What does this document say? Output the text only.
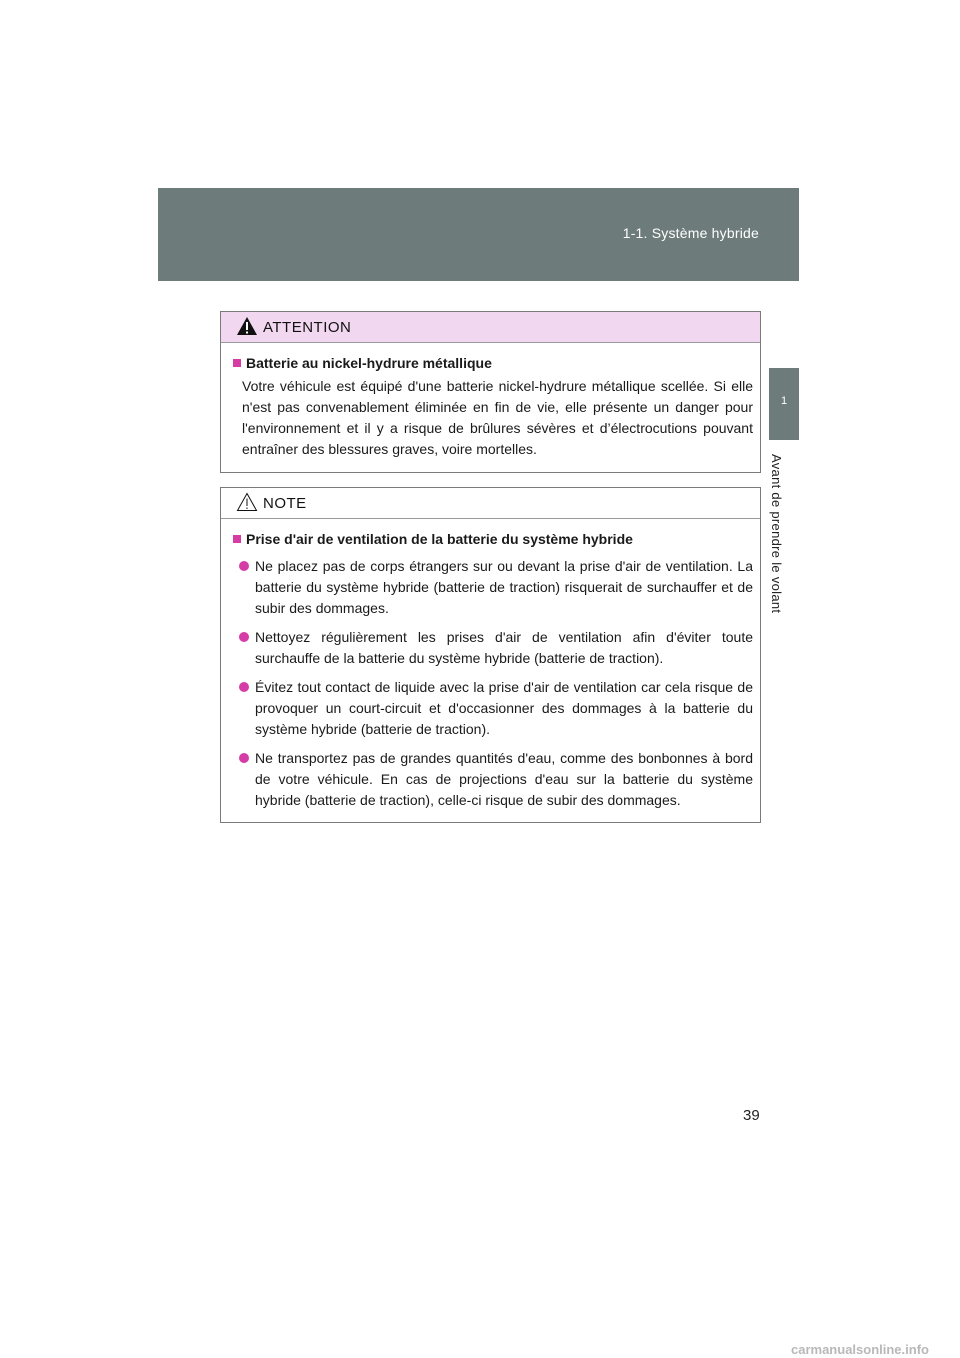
1-1. Système hybride
1
Avant de prendre le volant
ATTENTION
Batterie au nickel-hydrure métallique
Votre véhicule est équipé d'une batterie nickel-hydrure métallique scellée. Si elle n'est pas convenablement éliminée en fin de vie, elle présente un danger pour l'environnement et il y a risque de brûlures sévères et d’électrocutions pouvant entraîner des blessures graves, voire mortelles.
NOTE
Prise d'air de ventilation de la batterie du système hybride
Ne placez pas de corps étrangers sur ou devant la prise d'air de ventilation. La batterie du système hybride (batterie de traction) risquerait de surchauffer et de subir des dommages.
Nettoyez régulièrement les prises d'air de ventilation afin d'éviter toute surchauffe de la batterie du système hybride (batterie de traction).
Évitez tout contact de liquide avec la prise d'air de ventilation car cela risque de provoquer un court-circuit et d'occasionner des dommages à la batterie du système hybride (batterie de traction).
Ne transportez pas de grandes quantités d'eau, comme des bonbonnes à bord de votre véhicule. En cas de projections d'eau sur la batterie du système hybride (batterie de traction), celle-ci risque de subir des dommages.
39
carmanualsonline.info
